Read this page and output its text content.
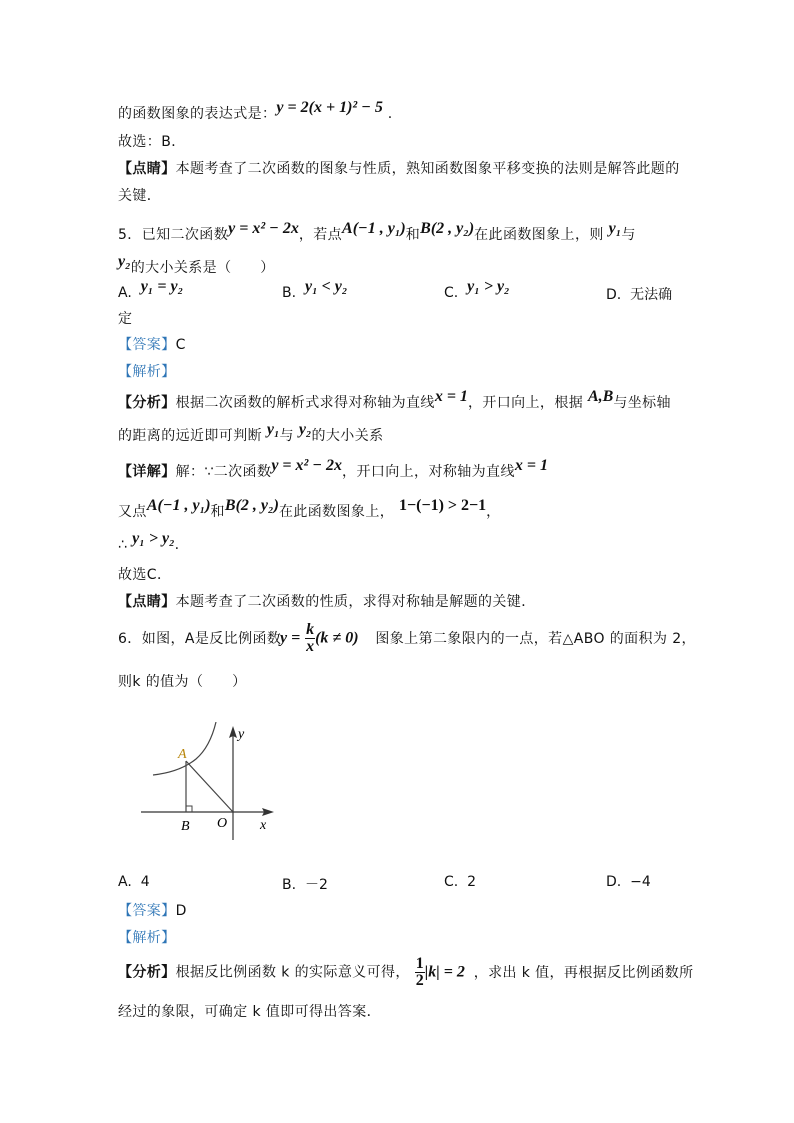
的函数图象的表达式是：y = 2(x + 1)² − 5 .
故选：B．
【点睛】本题考查了二次函数的图象与性质，熟知函数图象平移变换的法则是解答此题的
关键．
5．已知二次函数y = x² − 2x，若点A(−1 , y₁)和B(2 , y₂)在此函数图象上，则 y₁与
y₂的大小关系是（　　）
A. y₁ = y₂	B. y₁ < y₂	C. y₁ > y₂	D. 无法确
定
【答案】C
【解析】
【分析】根据二次函数的解析式求得对称轴为直线x = 1，开口向上，根据 A,B与坐标轴
的距离的远近即可判断 y₁与 y₂的大小关系
【详解】解：∵二次函数y = x² − 2x，开口向上，对称轴为直线x = 1
又点A(−1 , y₁)和B(2 , y₂)在此函数图象上， 1−(−1) > 2−1，
∴ y₁ > y₂.
故选C．
【点睛】本题考查了二次函数的性质，求得对称轴是解题的关键．
6．如图，A是反比例函数$y = \frac{k}{x} (k \ne 0)$ 图象上第二象限内的一点，若△ABO 的面积为 2，
则k 的值为（　　）
y
A
B O x
A. 4	B. －2	C. 2	D. −4
【答案】D
【解析】
【分析】根据反比例函数 k 的实际意义可得， $\frac{1}{2} |k| = 2$ ，求出 k 值，再根据反比例函数所
经过的象限，可确定 k 值即可得出答案．
